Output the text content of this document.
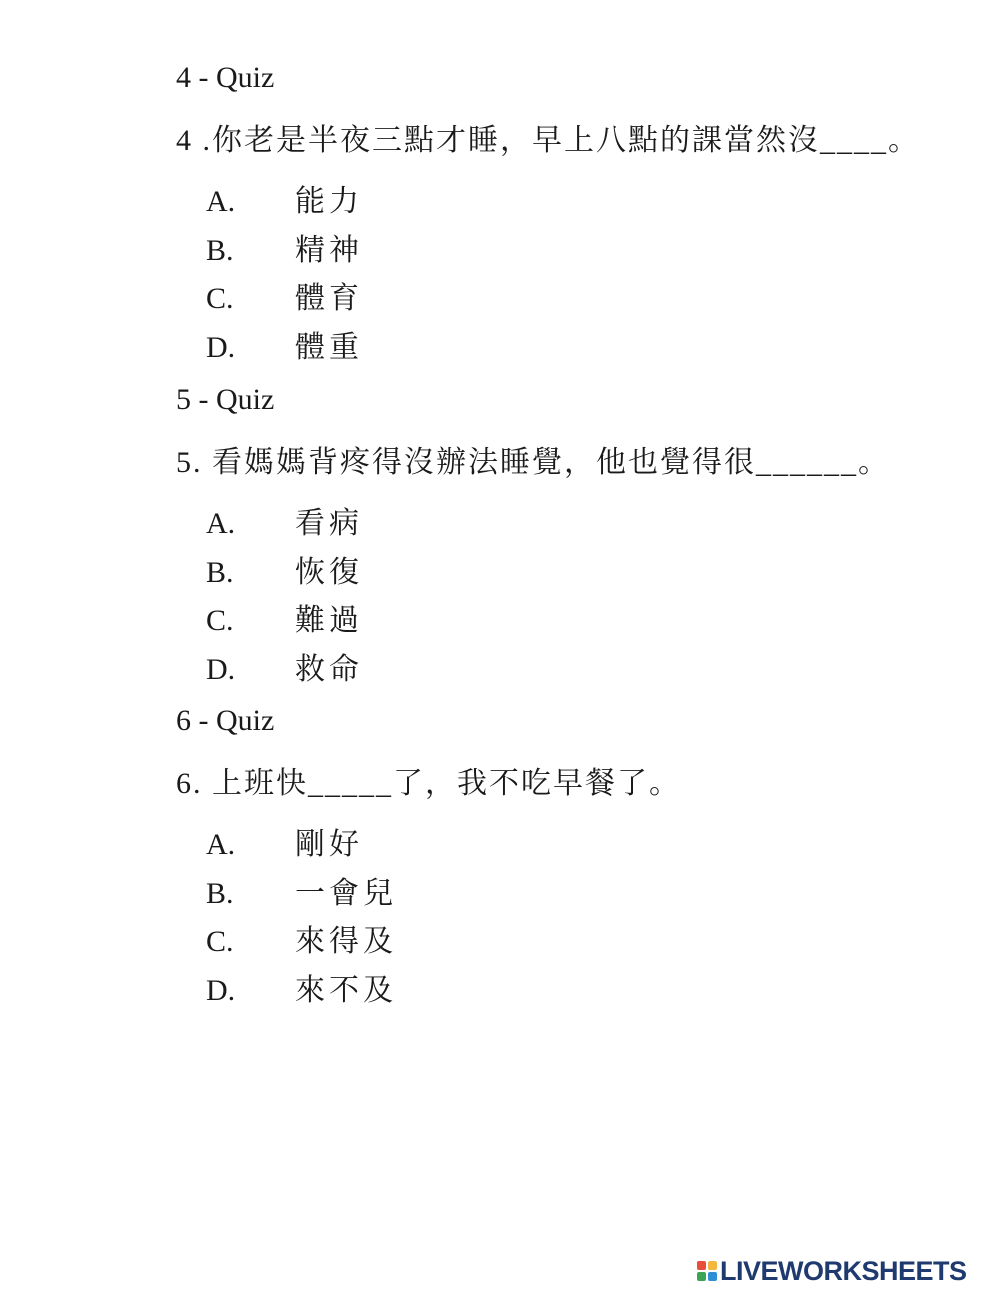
4 - Quiz
4 .你老是半夜三點才睡，早上八點的課當然沒____。
A. 能力
B. 精神
C. 體育
D. 體重
5 - Quiz
5. 看媽媽背疼得沒辦法睡覺，他也覺得很______。
A. 看病
B. 恢復
C. 難過
D. 救命
6 - Quiz
6. 上班快_____了，我不吃早餐了。
A. 剛好
B. 一會兒
C. 來得及
D. 來不及
LIVEWORKSHEETS
